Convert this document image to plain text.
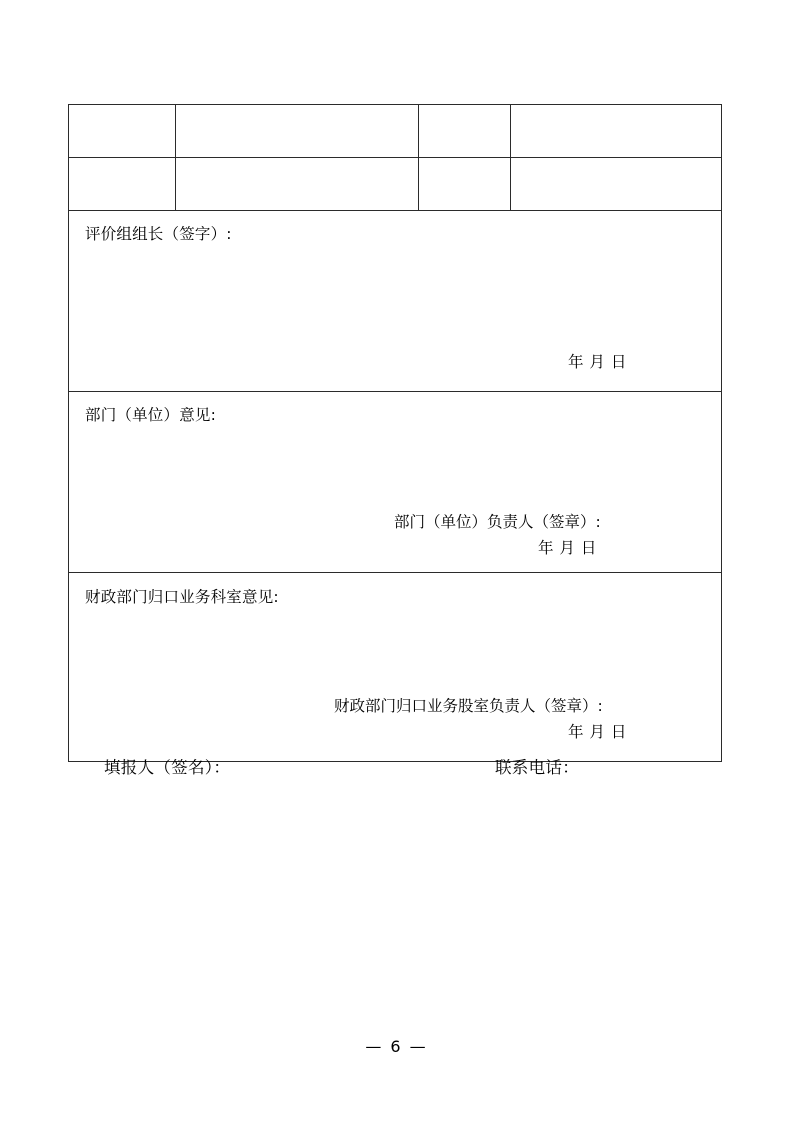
评价组组长（签字）:
年 月 日			

部门（单位）意见:
部门（单位）负责人（签章）:
年 月 日			

财政部门归口业务科室意见:
财政部门归口业务股室负责人（签章）:
年 月 日			
填报人（签名）：	联系电话：
— 6 —
